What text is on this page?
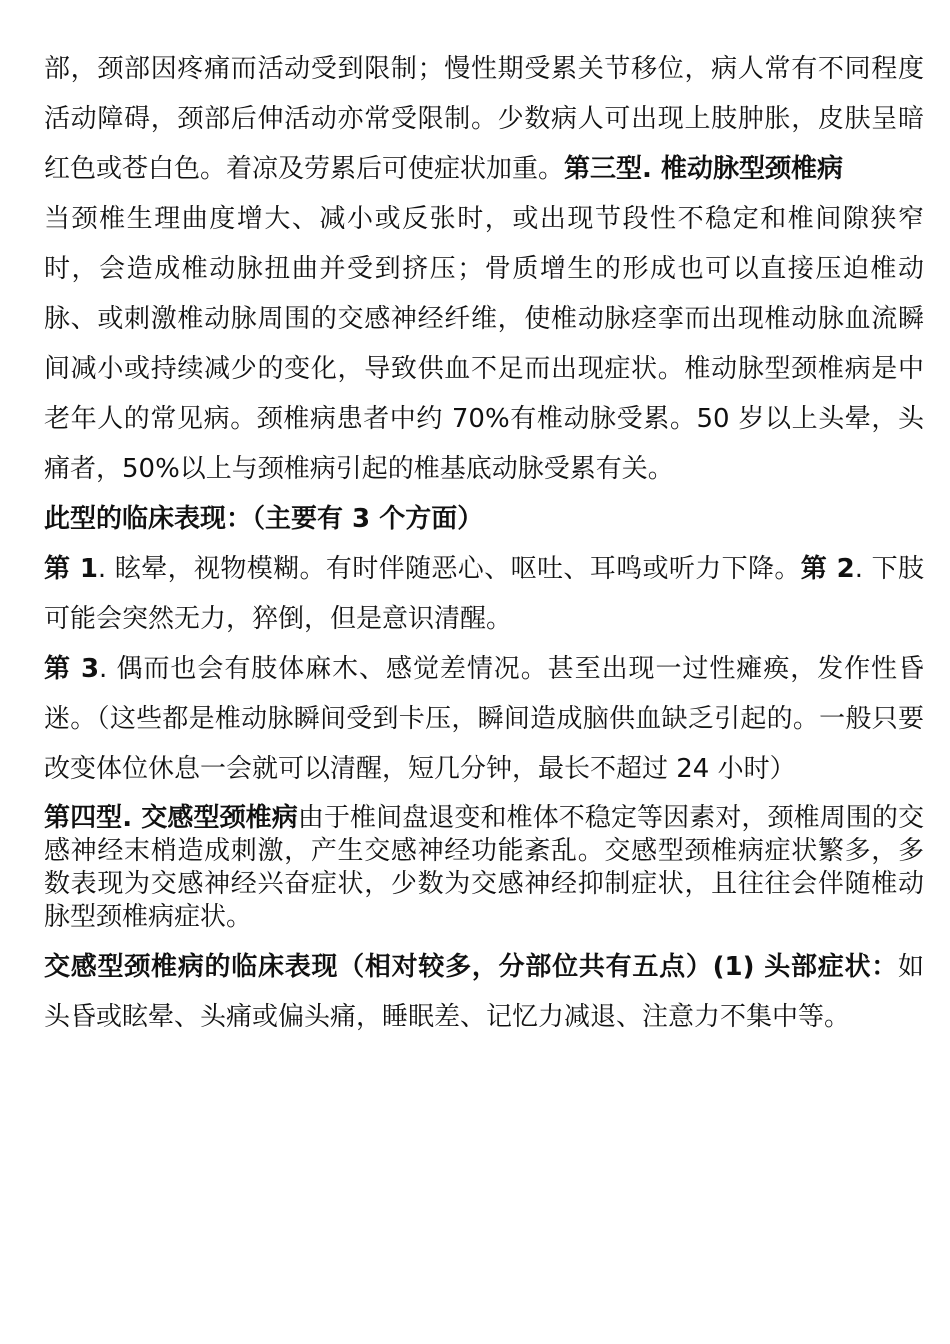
部，颈部因疼痛而活动受到限制；慢性期受累关节移位，病人常有不同程度活动障碍，颈部后伸活动亦常受限制。少数病人可出现上肢肿胀，皮肤呈暗红色或苍白色。着凉及劳累后可使症状加重。第三型. 椎动脉型颈椎病

当颈椎生理曲度增大、减小或反张时，或出现节段性不稳定和椎间隙狭窄时，会造成椎动脉扭曲并受到挤压；骨质增生的形成也可以直接压迫椎动脉、或刺激椎动脉周围的交感神经纤维，使椎动脉痉挛而出现椎动脉血流瞬间减小或持续减少的变化，导致供血不足而出现症状。椎动脉型颈椎病是中老年人的常见病。颈椎病患者中约 70%有椎动脉受累。50 岁以上头晕，头痛者，50%以上与颈椎病引起的椎基底动脉受累有关。

此型的临床表现：（主要有 3 个方面）

第 1. 眩晕，视物模糊。有时伴随恶心、呕吐、耳鸣或听力下降。第 2. 下肢可能会突然无力，猝倒，但是意识清醒。

第 3. 偶而也会有肢体麻木、感觉差情况。甚至出现一过性瘫痪，发作性昏迷。（这些都是椎动脉瞬间受到卡压，瞬间造成脑供血缺乏引起的。一般只要改变体位休息一会就可以清醒，短几分钟，最长不超过 24 小时）

第四型. 交感型颈椎病由于椎间盘退变和椎体不稳定等因素对，颈椎周围的交感神经末梢造成刺激，产生交感神经功能紊乱。交感型颈椎病症状繁多，多数表现为交感神经兴奋症状，少数为交感神经抑制症状，且往往会伴随椎动脉型颈椎病症状。

交感型颈椎病的临床表现（相对较多，分部位共有五点）(1) 头部症状：如头昏或眩晕、头痛或偏头痛，睡眠差、记忆力减退、注意力不集中等。
